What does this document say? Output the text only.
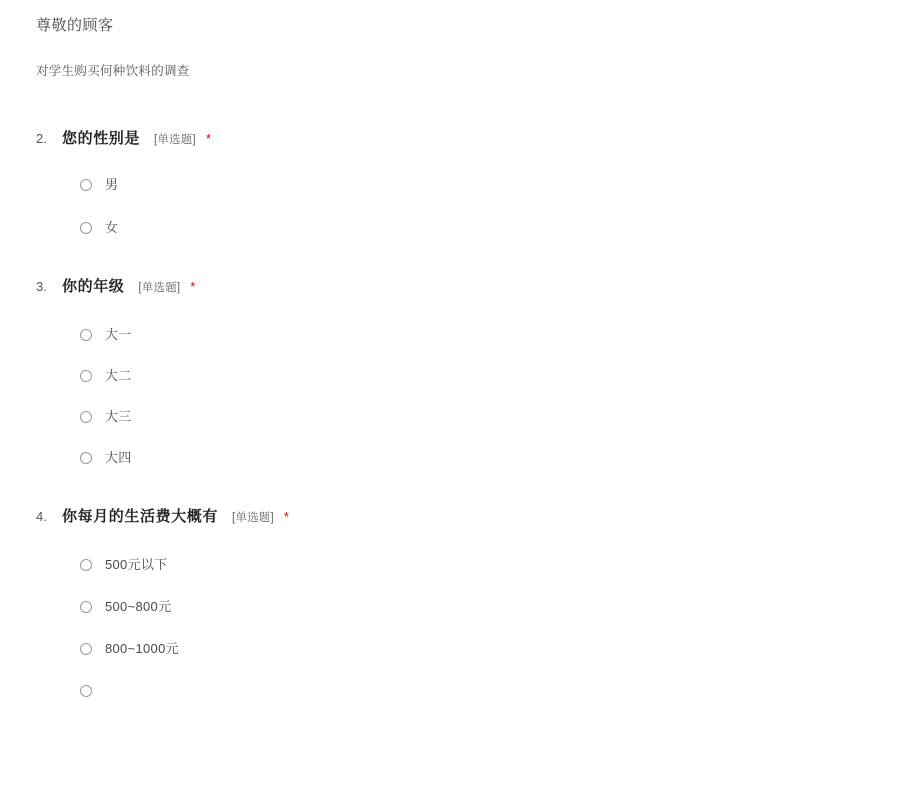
尊敬的顾客

对学生购买何种饮料的调查

2.	您的性别是 [单选题] *
男
女
3.	你的年级 [单选题] *
大一
大二
大三
大四
4.	你每月的生活费大概有 [单选题] *
500元以下
500~800元
800~1000元
